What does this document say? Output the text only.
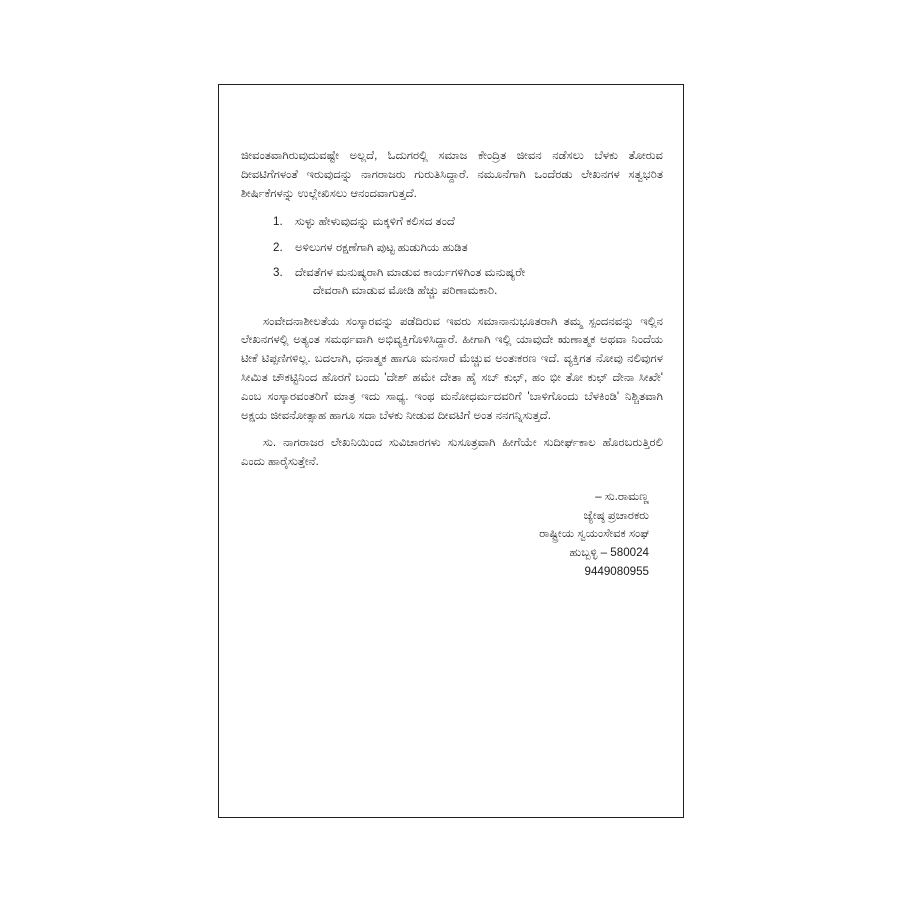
ಜೀವಂತವಾಗಿರುವುದುವಷ್ಟೇ ಅಲ್ಲದೆ, ಓದುಗರಲ್ಲಿ ಸಮಾಜ ಕೇಂದ್ರಿತ ಜೀವನ ನಡೆಸಲು ಬೆಳಕು ತೋರುವ ದೀವಟಿಗೆಗಳಂತೆ ಇರುವುದನ್ನು ನಾಗರಾಜರು ಗುರುತಿಸಿದ್ದಾರೆ. ನಮೂನೆಗಾಗಿ ಒಂದೆರಡು ಲೇಖನಗಳ ಸತ್ವಭರಿತ ಶೀರ್ಷಿಕೆಗಳನ್ನು ಉಲ್ಲೇಖಿಸಲು ಆನಂದವಾಗುತ್ತದೆ.

1. ಸುಳ್ಳು ಹೇಳುವುದನ್ನು ಮಕ್ಕಳಿಗೆ ಕಲಿಸದ ತಂದೆ
2. ಅಳಿಲುಗಳ ರಕ್ಷಣೆಗಾಗಿ ಪುಟ್ಟ ಹುಡುಗಿಯ ಹುಡಿತ
3. ದೇವತೆಗಳ ಮನುಷ್ಯರಾಗಿ ಮಾಡುವ ಕಾರ್ಯಗಳಿಗಿಂತ ಮನುಷ್ಯರೇ
ದೇವರಾಗಿ ಮಾಡುವ ಮೋಡಿ ಹೆಚ್ಚು ಪರಿಣಾಮಕಾರಿ.

ಸಂವೇದನಾಶೀಲತೆಯ ಸಂಸ್ಕಾರವನ್ನು ಪಡೆದಿರುವ ಇವರು ಸಮಾನಾನುಭೂತರಾಗಿ ತಮ್ಮ ಸ್ಪಂದನವನ್ನು ಇಲ್ಲಿನ ಲೇಖನಗಳಲ್ಲಿ ಅತ್ಯಂತ ಸಮರ್ಥವಾಗಿ ಅಭಿವ್ಯಕ್ತಿಗೊಳಿಸಿದ್ದಾರೆ. ಹೀಗಾಗಿ ಇಲ್ಲಿ ಯಾವುದೇ ಋಣಾತ್ಮಕ ಅಥವಾ ನಿಂದೆಯ ಟೀಕೆ ಟಿಪ್ಪಣಿಗಳಿಲ್ಲ. ಬದಲಾಗಿ, ಧನಾತ್ಮಕ ಹಾಗೂ ಮನಸಾರೆ ಮೆಚ್ಚುವ ಅಂತಃಕರಣ ಇದೆ. ವ್ಯಕ್ತಿಗತ ನೋವು ನಲಿವುಗಳ ಸೀಮಿತ ಚೌಕಟ್ಟಿನಿಂದ ಹೊರಗೆ ಬಂದು 'ದೇಶ್ ಹಮೇ ದೇತಾ ಹೈ ಸಬ್ ಕುಛ್, ಹಂ ಭೀ ತೋ ಕುಛ್ ದೇನಾ ಸೀಖೇ' ಎಂಬ ಸಂಸ್ಕಾರವಂತರಿಗೆ ಮಾತ್ರ ಇದು ಸಾಧ್ಯ. ಇಂಥ ಮನೋಧರ್ಮದವರಿಗೆ 'ಬಾಳಿಗೊಂದು ಬೆಳಕಿಂಡಿ' ನಿಶ್ಚಿತವಾಗಿ ಅಕ್ಷಯ ಜೀವನೋತ್ಸಾಹ ಹಾಗೂ ಸದಾ ಬೆಳಕು ನೀಡುವ ದೀವಟಿಗೆ ಅಂತ ನನಗನ್ನಿಸುತ್ತದೆ.

ಸು. ನಾಗರಾಜರ ಲೇಖನಿಯಿಂದ ಸುವಿಚಾರಗಳು ಸುಸೂತ್ರವಾಗಿ ಹೀಗೆಯೇ ಸುದೀರ್ಘಕಾಲ ಹೊರಬರುತ್ತಿರಲಿ ಎಂದು ಹಾರೈಸುತ್ತೇನೆ.

– ಸು.ರಾಮಣ್ಣ
ಜ್ಯೇಷ್ಠ ಪ್ರಚಾರಕರು
ರಾಷ್ಟ್ರೀಯ ಸ್ವಯಂಸೇವಕ ಸಂಘ
ಹುಬ್ಬಳ್ಳಿ – 580024
9449080955
